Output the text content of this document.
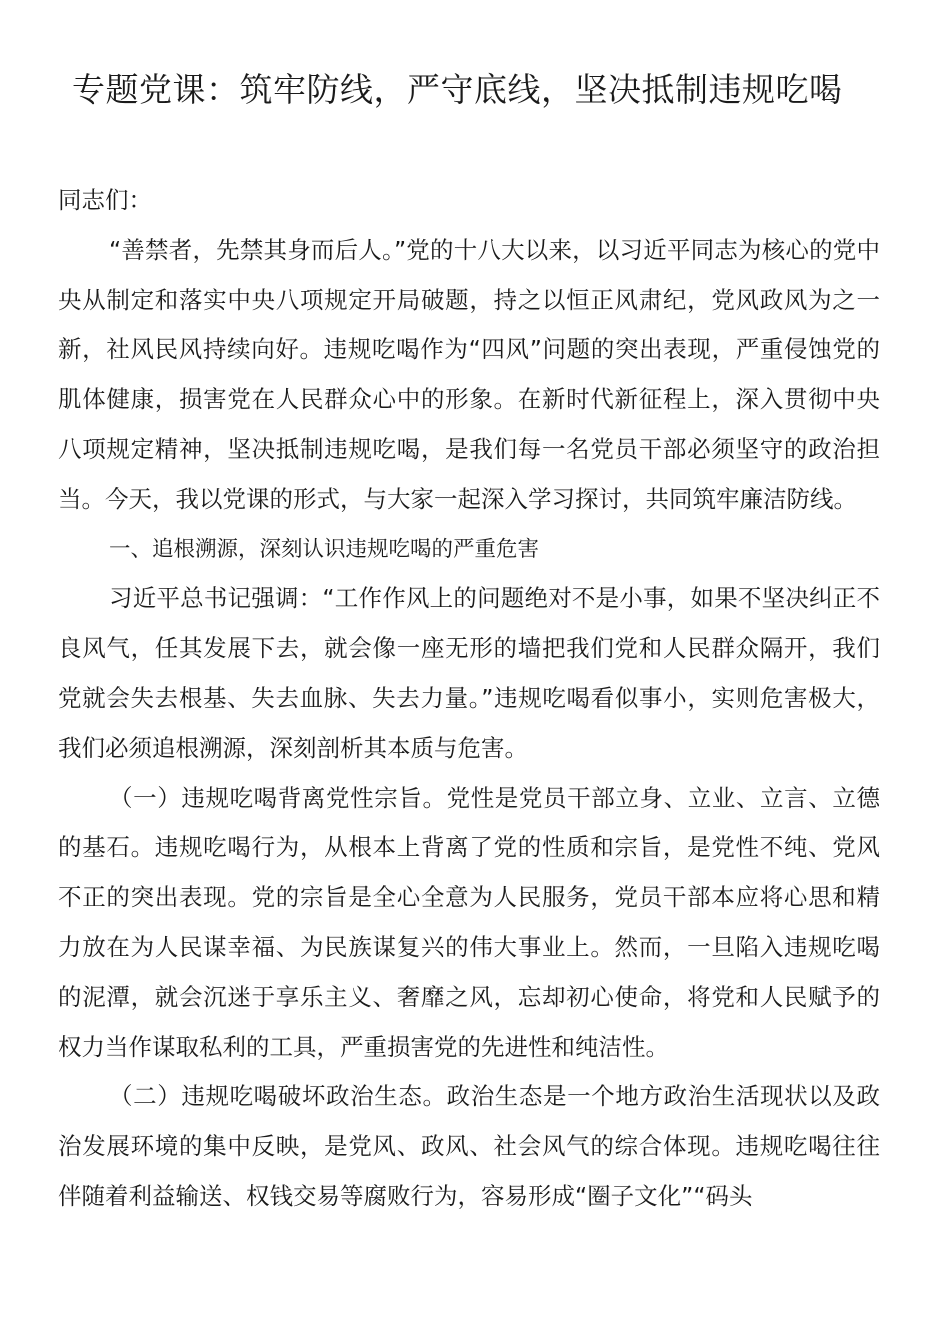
专题党课：筑牢防线，严守底线，坚决抵制违规吃喝

同志们：

“善禁者，先禁其身而后人。”党的十八大以来，以习近平同志为核心的党中央从制定和落实中央八项规定开局破题，持之以恒正风肃纪，党风政风为之一新，社风民风持续向好。违规吃喝作为“四风”问题的突出表现，严重侵蚀党的肌体健康，损害党在人民群众心中的形象。在新时代新征程上，深入贯彻中央八项规定精神，坚决抵制违规吃喝，是我们每一名党员干部必须坚守的政治担当。今天，我以党课的形式，与大家一起深入学习探讨，共同筑牢廉洁防线。

一、追根溯源，深刻认识违规吃喝的严重危害

习近平总书记强调：“工作作风上的问题绝对不是小事，如果不坚决纠正不良风气，任其发展下去，就会像一座无形的墙把我们党和人民群众隔开，我们党就会失去根基、失去血脉、失去力量。”违规吃喝看似事小，实则危害极大，我们必须追根溯源，深刻剖析其本质与危害。

（一）违规吃喝背离党性宗旨。党性是党员干部立身、立业、立言、立德的基石。违规吃喝行为，从根本上背离了党的性质和宗旨，是党性不纯、党风不正的突出表现。党的宗旨是全心全意为人民服务，党员干部本应将心思和精力放在为人民谋幸福、为民族谋复兴的伟大事业上。然而，一旦陷入违规吃喝的泥潭，就会沉迷于享乐主义、奢靡之风，忘却初心使命，将党和人民赋予的权力当作谋取私利的工具，严重损害党的先进性和纯洁性。

（二）违规吃喝破坏政治生态。政治生态是一个地方政治生活现状以及政治发展环境的集中反映，是党风、政风、社会风气的综合体现。违规吃喝往往伴随着利益输送、权钱交易等腐败行为，容易形成“圈子文化”“码头
